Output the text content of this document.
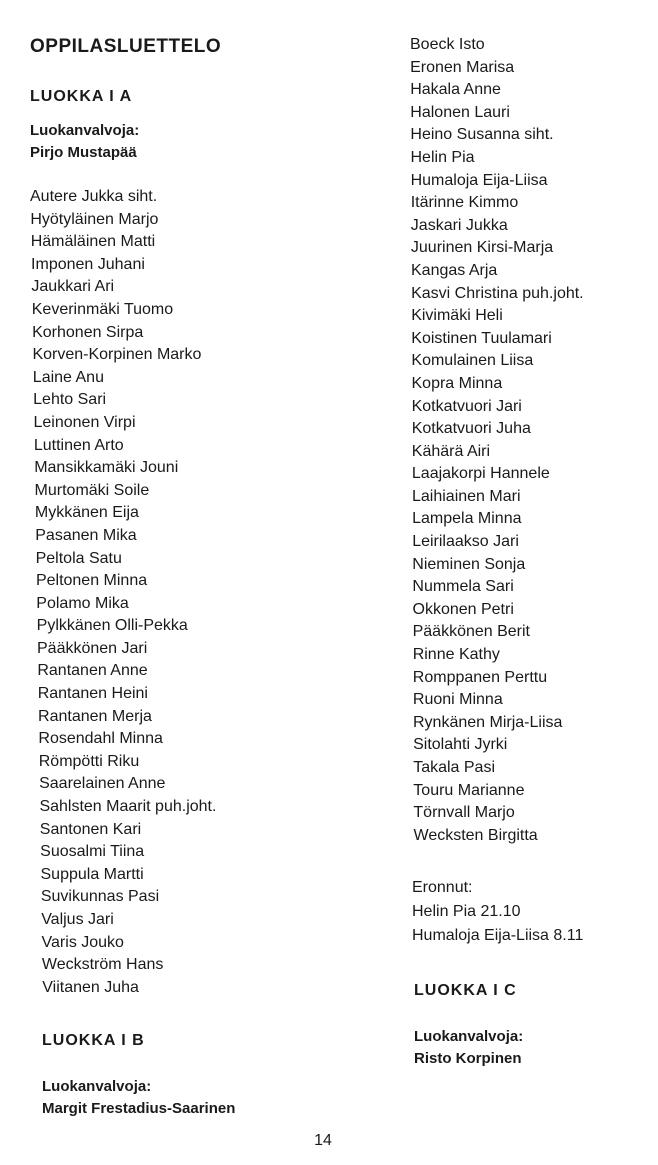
OPPILASLUETTELO
LUOKKA I A
Luokanvalvoja:
Pirjo Mustapää
Autere Jukka siht.
Hyötyläinen Marjo
Hämäläinen Matti
Imponen Juhani
Jaukkari Ari
Keverinmäki Tuomo
Korhonen Sirpa
Korven-Korpinen Marko
Laine Anu
Lehto Sari
Leinonen Virpi
Luttinen Arto
Mansikkamäki Jouni
Murtomäki Soile
Mykkänen Eija
Pasanen Mika
Peltola Satu
Peltonen Minna
Polamo Mika
Pylkkänen Olli-Pekka
Pääkkönen Jari
Rantanen Anne
Rantanen Heini
Rantanen Merja
Rosendahl Minna
Römpötti Riku
Saarelainen Anne
Sahlsten Maarit puh.joht.
Santonen Kari
Suosalmi Tiina
Suppula Martti
Suvikunnas Pasi
Valjus Jari
Varis Jouko
Weckström Hans
Viitanen Juha
LUOKKA I B
Luokanvalvoja:
Margit Frestadius-Saarinen
Boeck Isto
Eronen Marisa
Hakala Anne
Halonen Lauri
Heino Susanna siht.
Helin Pia
Humaloja Eija-Liisa
Itärinne Kimmo
Jaskari Jukka
Juurinen Kirsi-Marja
Kangas Arja
Kasvi Christina puh.joht.
Kivimäki Heli
Koistinen Tuulamari
Komulainen Liisa
Kopra Minna
Kotkatvuori Jari
Kotkatvuori Juha
Kähärä Airi
Laajakorpi Hannele
Laihiainen Mari
Lampela Minna
Leirilaakso Jari
Nieminen Sonja
Nummela Sari
Okkonen Petri
Pääkkönen Berit
Rinne Kathy
Romppanen Perttu
Ruoni Minna
Rynkänen Mirja-Liisa
Sitolahti Jyrki
Takala Pasi
Touru Marianne
Törnvall Marjo
Wecksten Birgitta
Eronnut:
Helin Pia 21.10
Humaloja Eija-Liisa 8.11
LUOKKA I C
Luokanvalvoja:
Risto Korpinen
14
